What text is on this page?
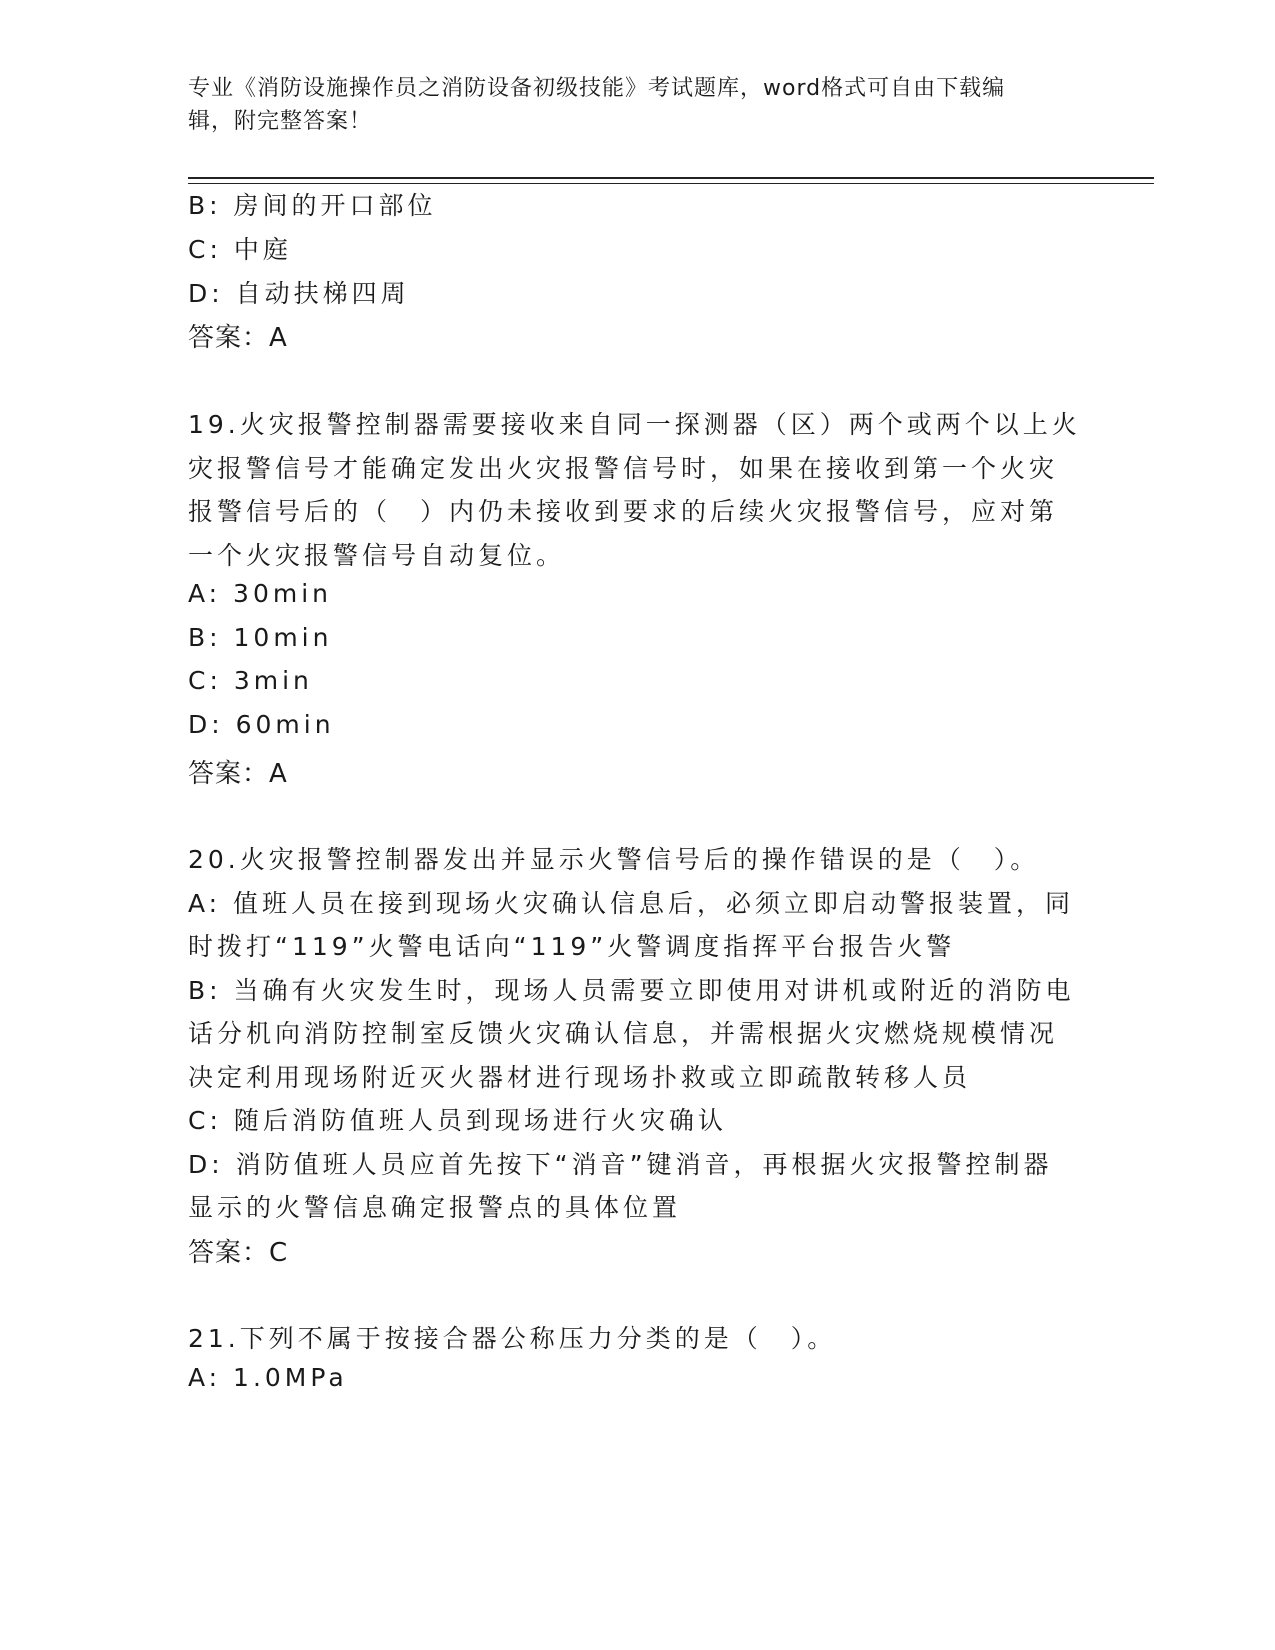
专业《消防设施操作员之消防设备初级技能》考试题库，word格式可自由下载编
辑，附完整答案！
B: 房间的开口部位
C: 中庭
D: 自动扶梯四周
答案：A
19.火灾报警控制器需要接收来自同一探测器（区）两个或两个以上火
灾报警信号才能确定发出火灾报警信号时，如果在接收到第一个火灾
报警信号后的（　）内仍未接收到要求的后续火灾报警信号，应对第
一个火灾报警信号自动复位。
A: 30min
B: 10min
C: 3min
D: 60min
答案：A
20.火灾报警控制器发出并显示火警信号后的操作错误的是（　）。
A: 值班人员在接到现场火灾确认信息后，必须立即启动警报装置，同
时拨打“119”火警电话向“119”火警调度指挥平台报告火警
B: 当确有火灾发生时，现场人员需要立即使用对讲机或附近的消防电
话分机向消防控制室反馈火灾确认信息，并需根据火灾燃烧规模情况
决定利用现场附近灭火器材进行现场扑救或立即疏散转移人员
C: 随后消防值班人员到现场进行火灾确认
D: 消防值班人员应首先按下“消音”键消音，再根据火灾报警控制器
显示的火警信息确定报警点的具体位置
答案：C
21.下列不属于按接合器公称压力分类的是（　）。
A: 1.0MPa
